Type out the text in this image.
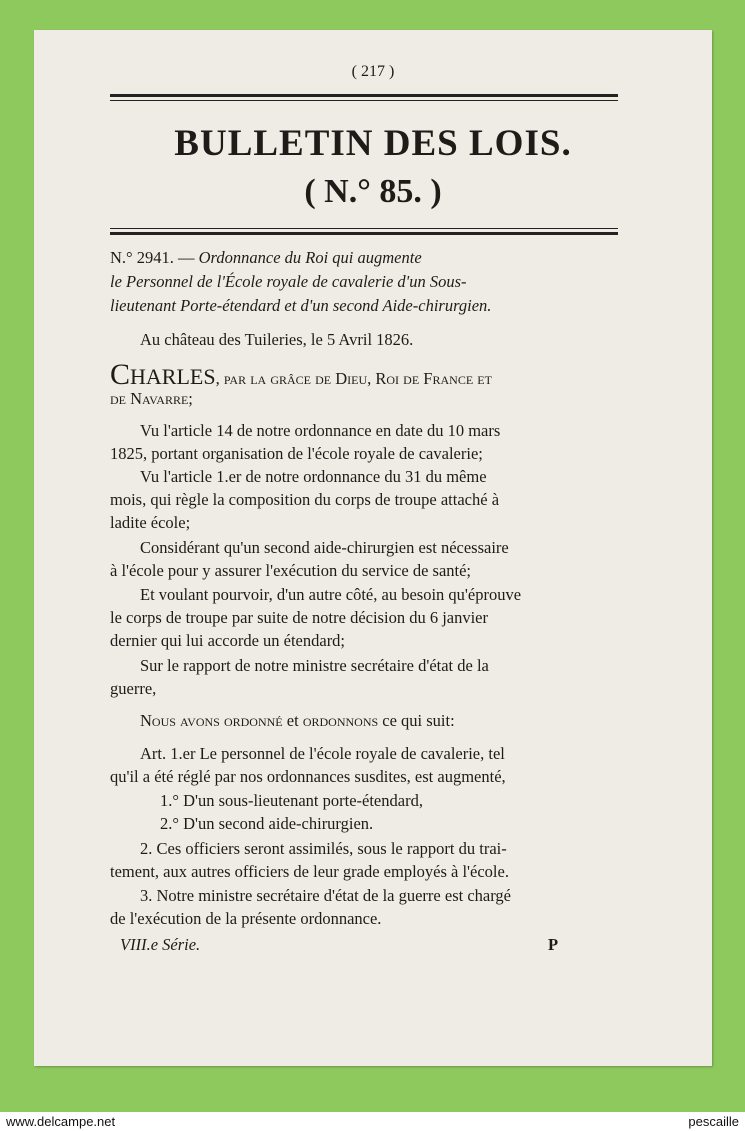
( 217 )
BULLETIN DES LOIS.
( N.° 85. )
N.° 2941. — Ordonnance du Roi qui augmente
le Personnel de l'École royale de cavalerie d'un Sous-
lieutenant Porte-étendard et d'un second Aide-chirurgien.
Au château des Tuileries, le 5 Avril 1826.
CHARLES, par la grâce de Dieu, Roi de France et
de Navarre;
Vu l'article 14 de notre ordonnance en date du 10 mars
1825, portant organisation de l'école royale de cavalerie;
Vu l'article 1.er de notre ordonnance du 31 du même
mois, qui règle la composition du corps de troupe attaché à
ladite école;
Considérant qu'un second aide-chirurgien est nécessaire
à l'école pour y assurer l'exécution du service de santé;
Et voulant pourvoir, d'un autre côté, au besoin qu'éprouve
le corps de troupe par suite de notre décision du 6 janvier
dernier qui lui accorde un étendard;
Sur le rapport de notre ministre secrétaire d'état de la
guerre,
Nous avons ordonné et ordonnons ce qui suit:
Art. 1.er Le personnel de l'école royale de cavalerie, tel
qu'il a été réglé par nos ordonnances susdites, est augmenté,
1.° D'un sous-lieutenant porte-étendard,
2.° D'un second aide-chirurgien.
2. Ces officiers seront assimilés, sous le rapport du trai-
tement, aux autres officiers de leur grade employés à l'école.
3. Notre ministre secrétaire d'état de la guerre est chargé
de l'exécution de la présente ordonnance.
VIII.e Série.	P
www.delcampe.net	pescaille
